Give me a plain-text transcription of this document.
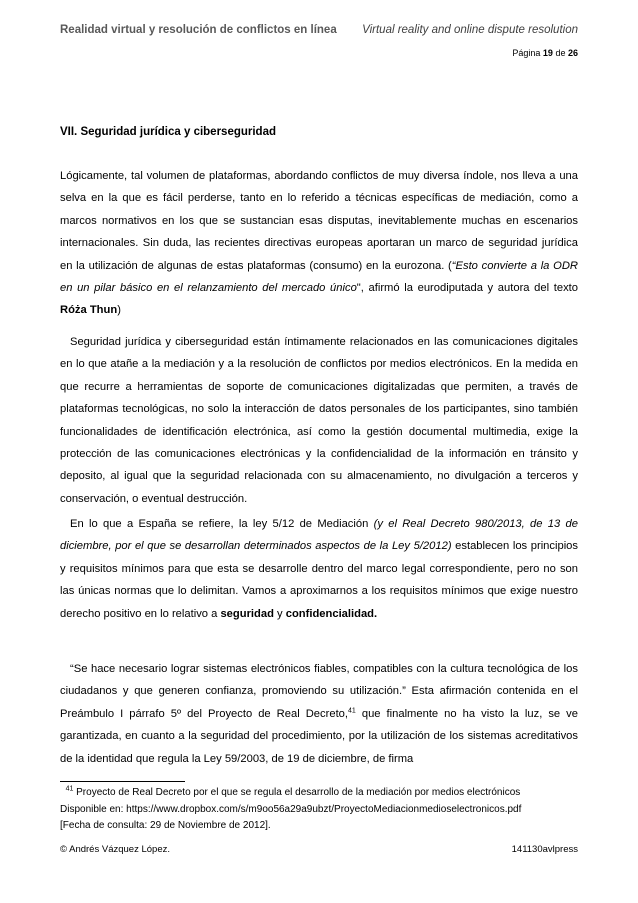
Realidad virtual y resolución de conflictos en línea Virtual reality and online dispute resolution
Página 19 de 26
VII. Seguridad jurídica y ciberseguridad
Lógicamente, tal volumen de plataformas, abordando conflictos de muy diversa índole, nos lleva a una selva en la que es fácil perderse, tanto en lo referido a técnicas específicas de mediación, como a marcos normativos en los que se sustancian esas disputas, inevitablemente muchas en escenarios internacionales. Sin duda, las recientes directivas europeas aportaran un marco de seguridad jurídica en la utilización de algunas de estas plataformas (consumo) en la eurozona. (“Esto convierte a la ODR en un pilar básico en el relanzamiento del mercado único", afirmó la eurodiputada y autora del texto Róża Thun)
Seguridad jurídica y ciberseguridad están íntimamente relacionados en las comunicaciones digitales en lo que atañe a la mediación y a la resolución de conflictos por medios electrónicos. En la medida en que recurre a herramientas de soporte de comunicaciones digitalizadas que permiten, a través de plataformas tecnológicas, no solo la interacción de datos personales de los participantes, sino también funcionalidades de identificación electrónica, así como la gestión documental multimedia, exige la protección de las comunicaciones electrónicas y la confidencialidad de la información en tránsito y deposito, al igual que la seguridad relacionada con su almacenamiento, no divulgación a terceros y conservación, o eventual destrucción.
En lo que a España se refiere, la ley 5/12 de Mediación (y el Real Decreto 980/2013, de 13 de diciembre, por el que se desarrollan determinados aspectos de la Ley 5/2012) establecen los principios y requisitos mínimos para que esta se desarrolle dentro del marco legal correspondiente, pero no son las únicas normas que lo delimitan. Vamos a aproximarnos a los requisitos mínimos que exige nuestro derecho positivo en lo relativo a seguridad y confidencialidad.
“Se hace necesario lograr sistemas electrónicos fiables, compatibles con la cultura tecnológica de los ciudadanos y que generen confianza, promoviendo su utilización.” Esta afirmación contenida en el Preámbulo I párrafo 5º del Proyecto de Real Decreto,$^{41}$ que finalmente no ha visto la luz, se ve garantizada, en cuanto a la seguridad del procedimiento, por la utilización de los sistemas acreditativos de la identidad que regula la Ley 59/2003, de 19 de diciembre, de firma
$^{41}$ Proyecto de Real Decreto por el que se regula el desarrollo de la mediación por medios electrónicos
Disponible en: https://www.dropbox.com/s/m9oo56a29a9ubzt/ProyectoMediacionmedioselectronicos.pdf
[Fecha de consulta: 29 de Noviembre de 2012].
© Andrés Vázquez López.	141130avlpress
